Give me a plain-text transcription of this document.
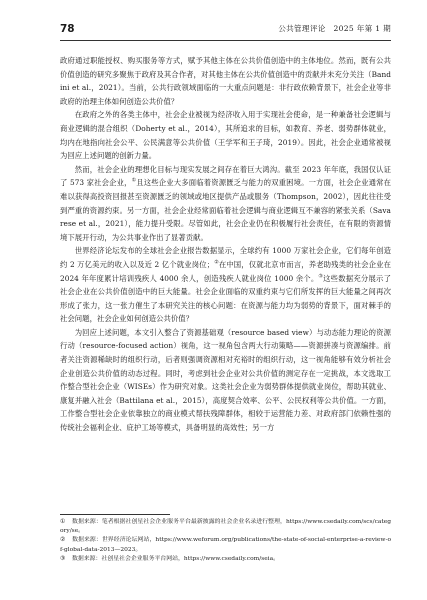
78	公共管理评论　2025 年第 1 期

政府通过职能授权、购买服务等方式，赋予其他主体在公共价值创造中的主体地位。然而，既有公共价值创造的研究多聚焦于政府及其合作者，对其他主体在公共价值创造中的贡献并未充分关注（Bandini et al.，2021）。当前，公共行政领域面临的一大重点问题是：非行政依赖背景下，社会企业等非政府的治理主体如何创造公共价值？

在政府之外的各类主体中，社会企业被视为经济收入用于实现社会使命，是一种兼备社会逻辑与商业逻辑的混合组织（Doherty et al.，2014），其所追求的目标，如教育、养老、弱势群体就业，均内在地指向社会公平、公民满意等公共价值（王学军和王子琦，2019）。因此，社会企业通常被视为回应上述问题的创新力量。

然而，社会企业的理想化目标与现实发展之间存在着巨大鸿沟。截至 2023 年年底，我国仅认证了 573 家社会企业，①且这些企业大多面临着资源匮乏与能力的双重困境。一方面，社会企业通常在难以获得高投资回报甚至资源匮乏的领域或地区提供产品或服务（Thompson，2002），因此往往受到严重的资源约束。另一方面，社会企业经常面临着社会逻辑与商业逻辑互不兼容的紧张关系（Savarese et al.，2021），能力提升受限。尽管如此，社会企业仍在积极履行社会责任，在有限的资源情境下展开行动，为公共事业作出了显著贡献。

世界经济论坛发布的全球社会企业报告数据显示，全球约有 1000 万家社会企业，它们每年创造约 2 万亿美元的收入以及近 2 亿个就业岗位；②在中国，仅就北京市而言，养老助残类的社会企业在 2024 年年度累计培训残疾人 4000 余人，创造残疾人就业岗位 1000 余个。③这些数据充分展示了社会企业在公共价值创造中的巨大能量。社会企业面临的双重约束与它们所发挥的巨大能量之间再次形成了张力，这一张力催生了本研究关注的核心问题：在资源与能力均为弱势的背景下，面对棘手的社会问题，社会企业如何创造公共价值？

为回应上述问题，本文引入整合了资源基础观（resource based view）与动态能力理论的资源行动（resource-focused action）视角，这一视角包含两大行动策略——资源拼凑与资源编排。前者关注资源稀缺时的组织行动，后者则强调资源相对充裕时的组织行动，这一视角能够有效分析社会企业创造公共价值的动态过程。同时，考虑到社会企业对公共价值的测定存在一定挑战，本文选取工作整合型社会企业（WISEs）作为研究对象。这类社会企业为弱势群体提供就业岗位，帮助其就业、康复并融入社会（Battilana et al.，2015），高度契合效率、公平、公民权利等公共价值。一方面，工作整合型社会企业依靠独立的商业模式帮扶残障群体，相较于运营能力差、对政府部门依赖性强的传统社会福利企业、庇护工场等模式，具备明显的高效性；另一方

① 数据来源：笔者根据社创星社会企业服务平台最新披露的社会企业名录进行整理，https://www.csedaily.com/scs/category/se。

② 数据来源：世界经济论坛网站，https://www.weforum.org/publications/the-state-of-social-enterprise-a-review-of-global-data-2013—2023。

③ 数据来源：社创星社会企业服务平台网站，https://www.csedaily.com/seia。
